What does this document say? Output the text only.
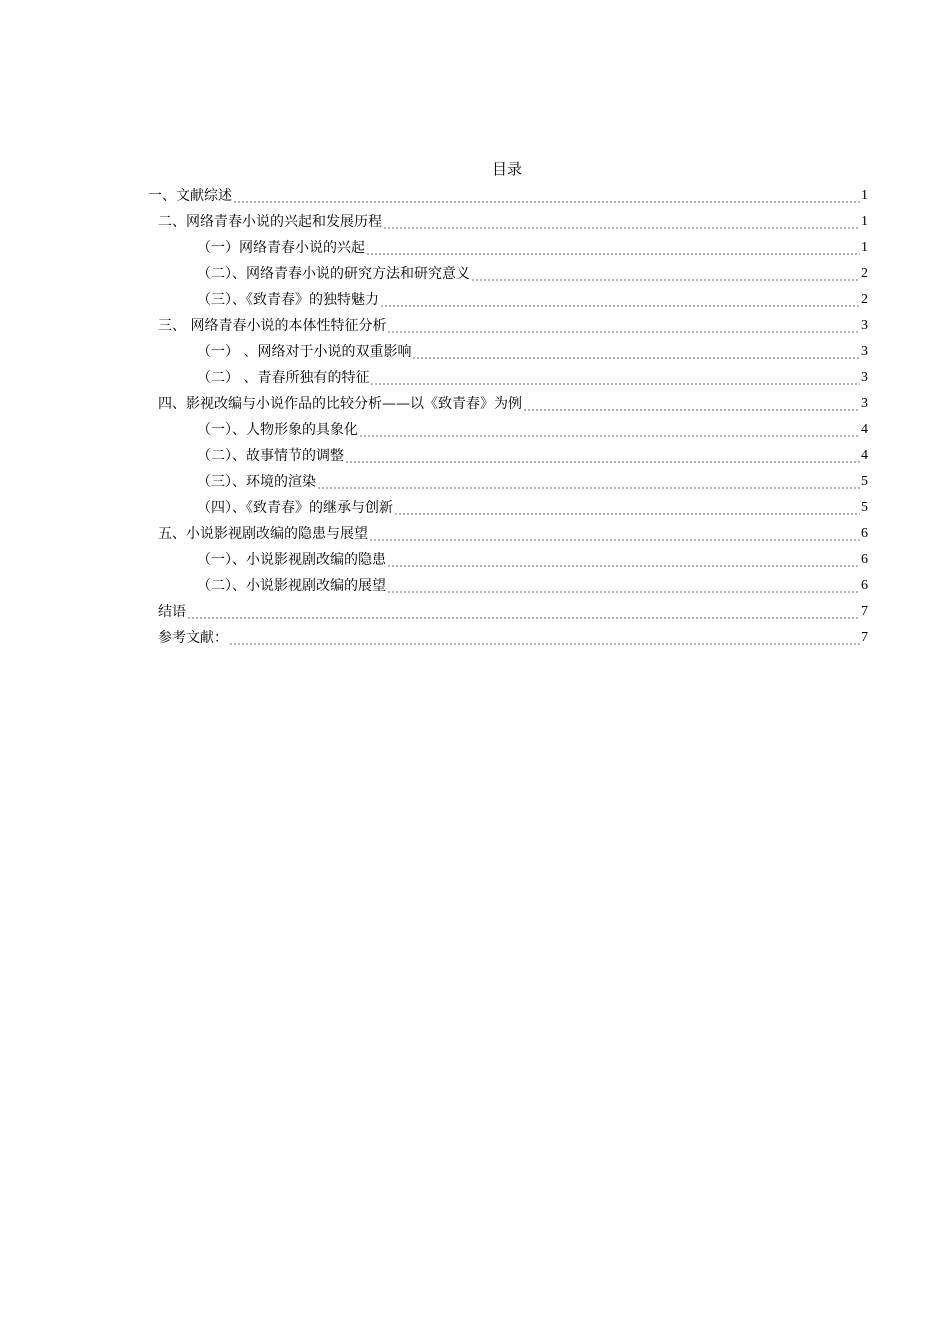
目录
一、文献综述	1
二、网络青春小说的兴起和发展历程	1
（一）网络青春小说的兴起	1
（二）、网络青春小说的研究方法和研究意义	2
（三）、《致青春》的独特魅力	2
三、 网络青春小说的本体性特征分析	3
（一） 、网络对于小说的双重影响	3
（二） 、青春所独有的特征	3
四、影视改编与小说作品的比较分析——以《致青春》为例	3
（一）、人物形象的具象化	4
（二）、故事情节的调整	4
（三）、环境的渲染	5
（四）、《致青春》的继承与创新	5
五、小说影视剧改编的隐患与展望	6
（一）、小说影视剧改编的隐患	6
（二）、小说影视剧改编的展望	6
结语	7
参考文献：	7
